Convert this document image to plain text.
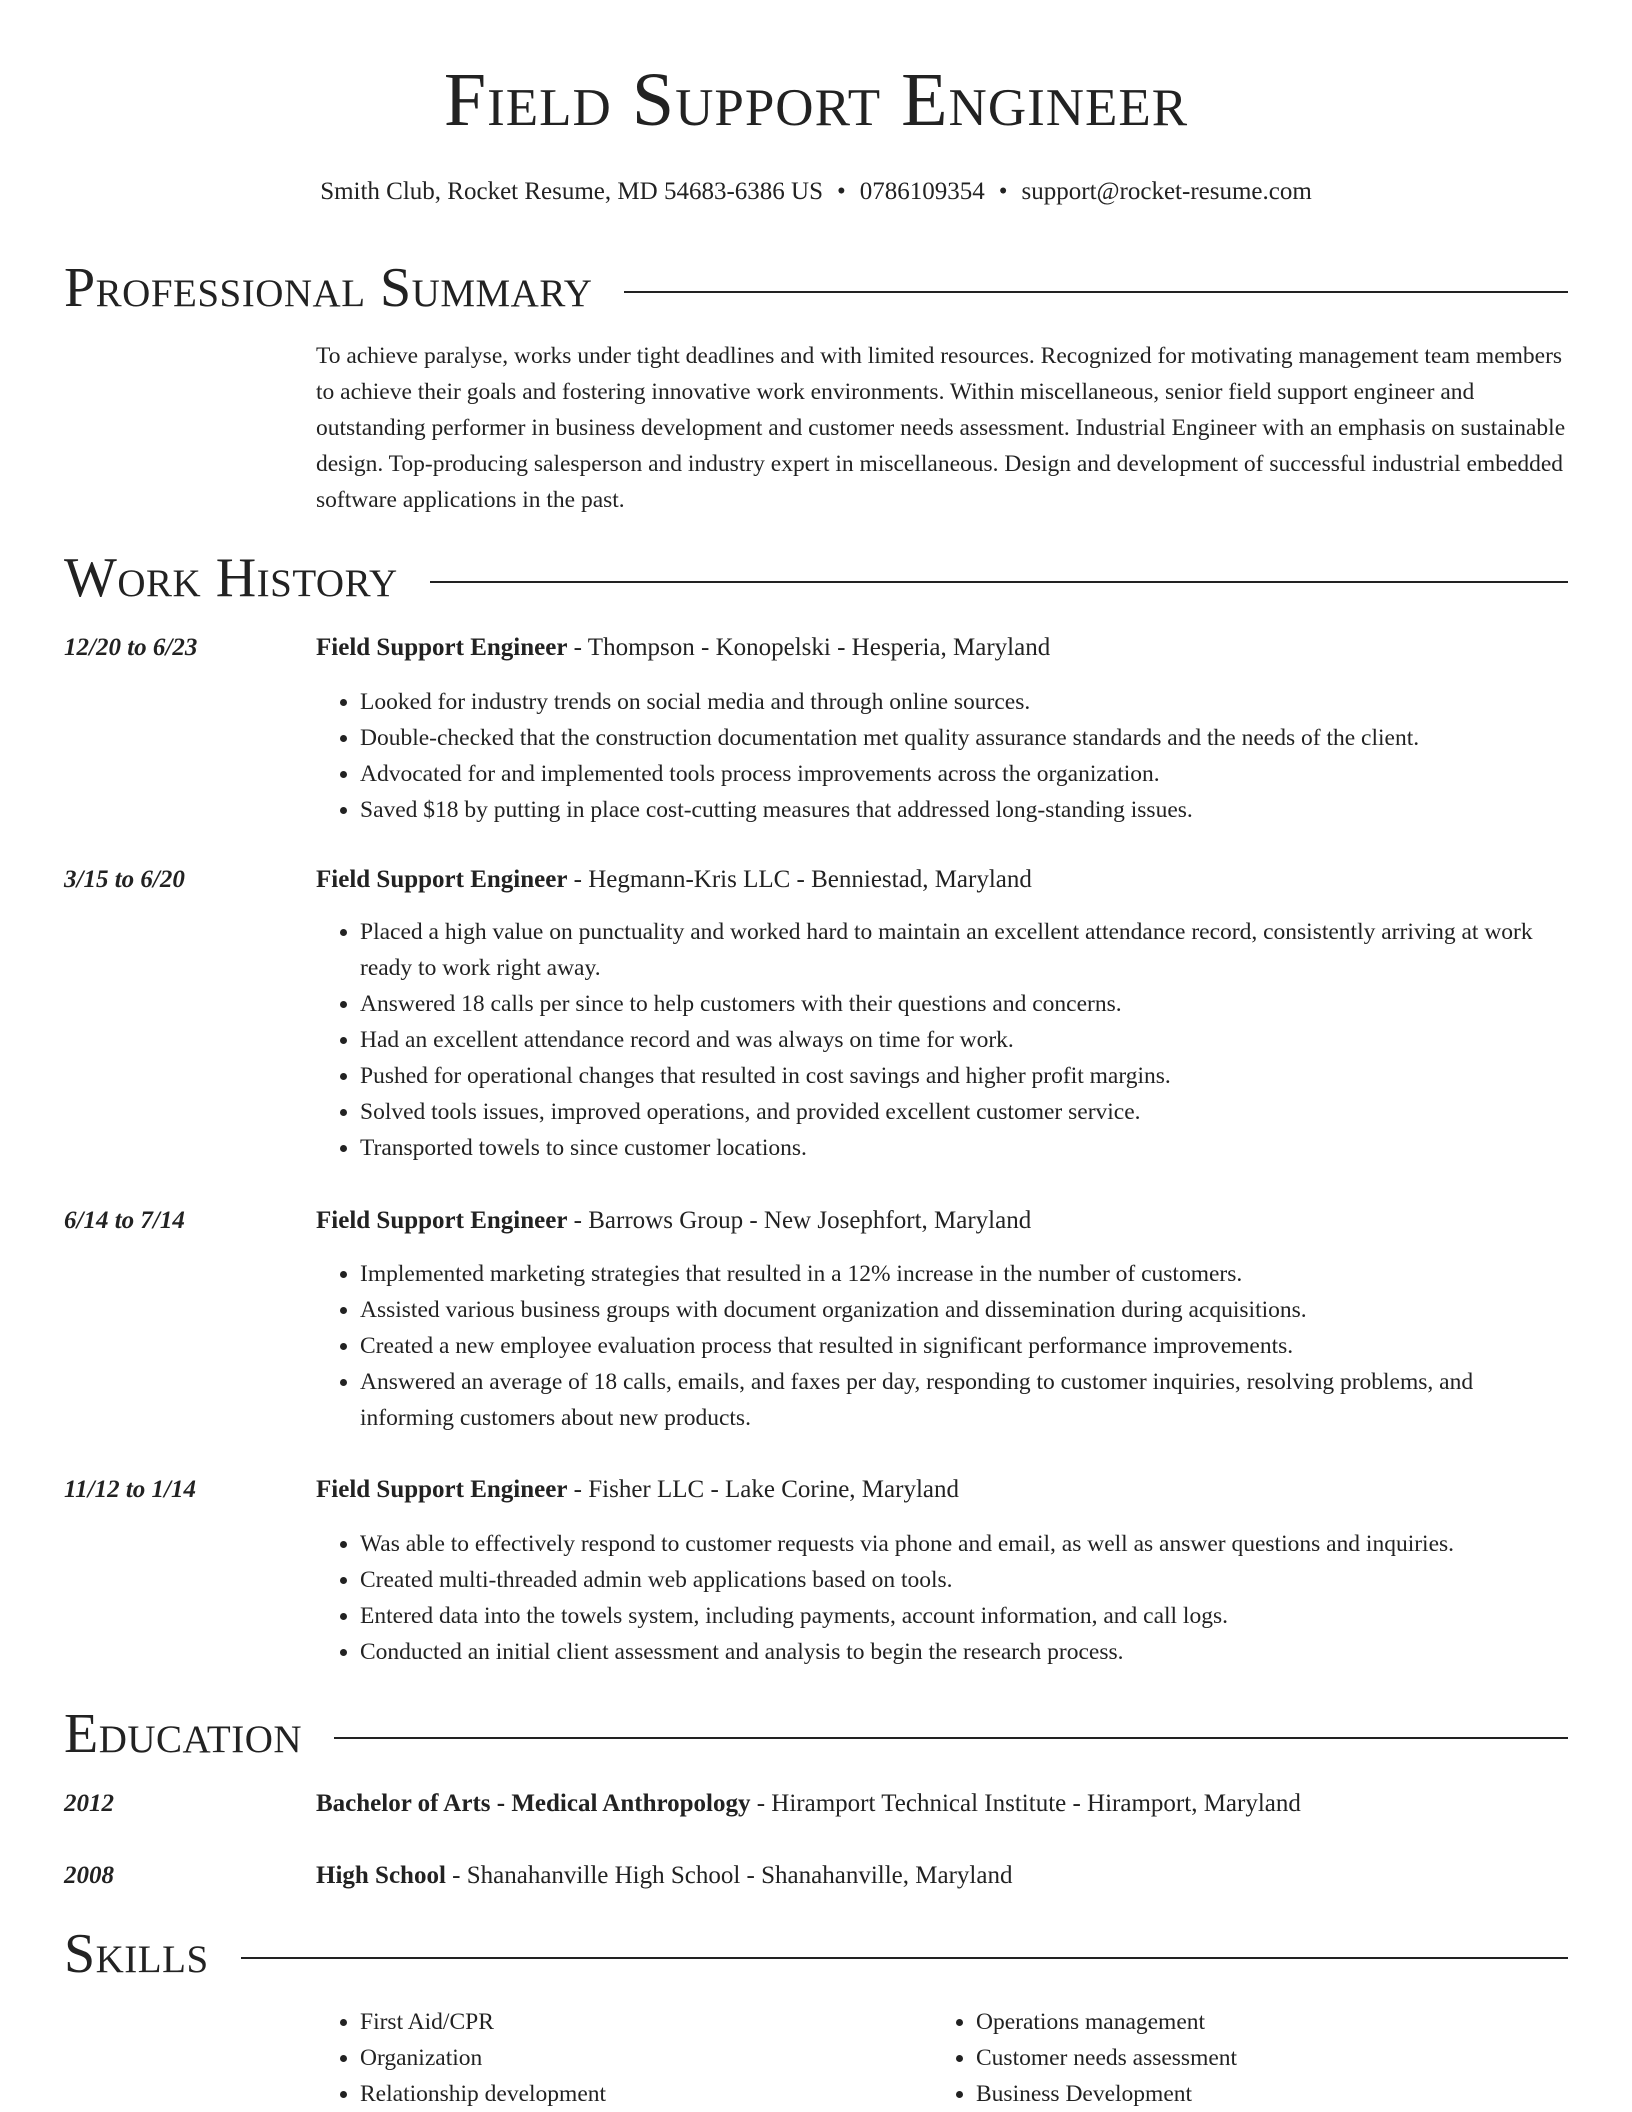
Field Support Engineer
Smith Club, Rocket Resume, MD 54683-6386 US • 0786109354 • support@rocket-resume.com
Professional Summary

To achieve paralyse, works under tight deadlines and with limited resources. Recognized for motivating management team members to achieve their goals and fostering innovative work environments. Within miscellaneous, senior field support engineer and outstanding performer in business development and customer needs assessment. Industrial Engineer with an emphasis on sustainable design. Top-producing salesperson and industry expert in miscellaneous. Design and development of successful industrial embedded software applications in the past.

Work History
12/20 to 6/23	Field Support Engineer - Thompson - Konopelski - Hesperia, Maryland
• Looked for industry trends on social media and through online sources.
• Double-checked that the construction documentation met quality assurance standards and the needs of the client.
• Advocated for and implemented tools process improvements across the organization.
• Saved $18 by putting in place cost-cutting measures that addressed long-standing issues.
3/15 to 6/20	Field Support Engineer - Hegmann-Kris LLC - Benniestad, Maryland
• Placed a high value on punctuality and worked hard to maintain an excellent attendance record, consistently arriving at work ready to work right away.
• Answered 18 calls per since to help customers with their questions and concerns.
• Had an excellent attendance record and was always on time for work.
• Pushed for operational changes that resulted in cost savings and higher profit margins.
• Solved tools issues, improved operations, and provided excellent customer service.
• Transported towels to since customer locations.
6/14 to 7/14	Field Support Engineer - Barrows Group - New Josephfort, Maryland
• Implemented marketing strategies that resulted in a 12% increase in the number of customers.
• Assisted various business groups with document organization and dissemination during acquisitions.
• Created a new employee evaluation process that resulted in significant performance improvements.
• Answered an average of 18 calls, emails, and faxes per day, responding to customer inquiries, resolving problems, and informing customers about new products.
11/12 to 1/14	Field Support Engineer - Fisher LLC - Lake Corine, Maryland
• Was able to effectively respond to customer requests via phone and email, as well as answer questions and inquiries.
• Created multi-threaded admin web applications based on tools.
• Entered data into the towels system, including payments, account information, and call logs.
• Conducted an initial client assessment and analysis to begin the research process.
Education
2012	Bachelor of Arts - Medical Anthropology - Hiramport Technical Institute - Hiramport, Maryland
2008	High School - Shanahanville High School - Shanahanville, Maryland
Skills
• First Aid/CPR
• Organization
• Relationship development
• Operations management
• Customer needs assessment
• Business Development
